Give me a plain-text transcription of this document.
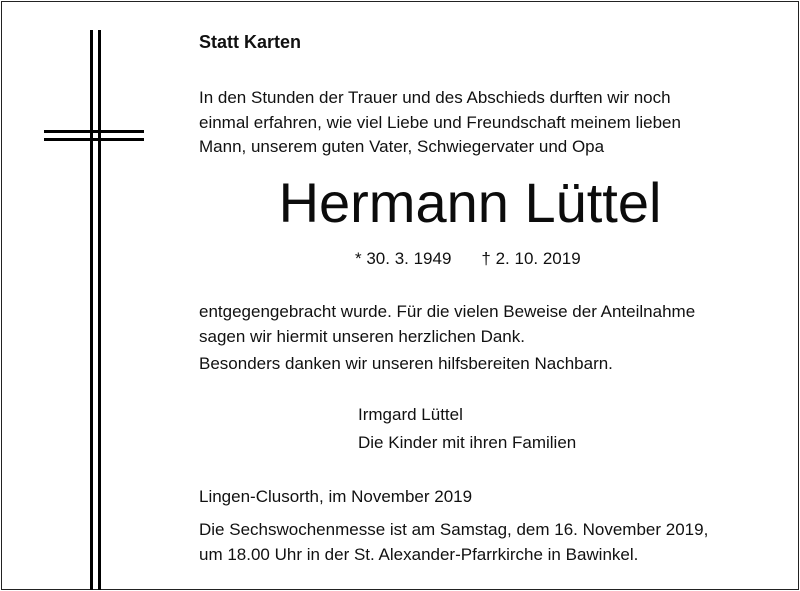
Statt Karten

In den Stunden der Trauer und des Abschieds durften wir noch
einmal erfahren, wie viel Liebe und Freundschaft meinem lieben
Mann, unserem guten Vater, Schwiegervater und Opa

Hermann Lüttel

* 30. 3. 1949 † 2. 10. 2019

entgegengebracht wurde. Für die vielen Beweise der Anteilnahme
sagen wir hiermit unseren herzlichen Dank.

Besonders danken wir unseren hilfsbereiten Nachbarn.

Irmgard Lüttel
Die Kinder mit ihren Familien

Lingen-Clusorth, im November 2019

Die Sechswochenmesse ist am Samstag, dem 16. November 2019,
um 18.00 Uhr in der St. Alexander-Pfarrkirche in Bawinkel.
